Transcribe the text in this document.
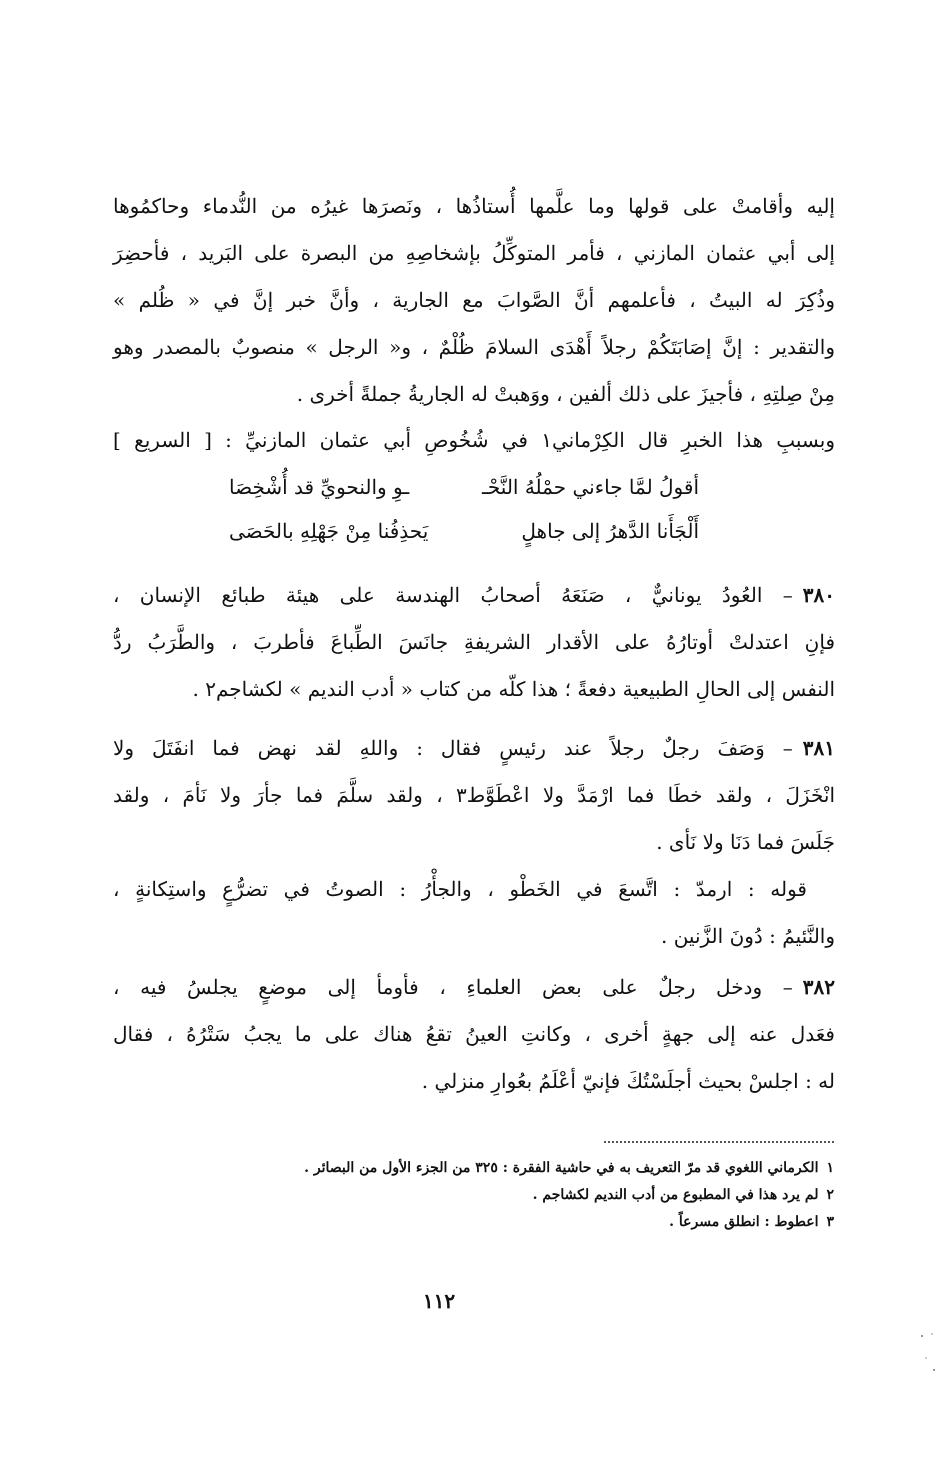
إليه وأقامتْ على قولها وما علَّمها أُستاذُها ، ونَصرَها غيرُه من النُّدماء وحاكمُوها
إلى أبي عثمان المازني ، فأمر المتوكِّلُ بإشخاصِهِ من البصرة على البَريد ، فأحضِرَ
وذُكِرَ له البيتُ ، فأعلمهم أنَّ الصَّوابَ مع الجارية ، وأنَّ خبر إنَّ في « ظُلم »
والتقدير : إنَّ إصَابَتَكُمْ رجلاً أَهْدَى السلامَ ظُلْمٌ ، و« الرجل » منصوبٌ بالمصدر وهو
مِنْ صِلتِهِ ، فأجيزَ على ذلك ألفين ، ووَهبتْ له الجاريةُ جملةً أخرى .
وبسببِ هذا الخبرِ قال الكِرْماني١ في شُخُوصِ أبي عثمان المازنيِّ : [ السريع ]
أقولُ لمَّا جاءني حمْلُهُ النَّحْـ
ـوِ والنحويِّ قد أُشْخِصَا
أَلْجَأَنا الدَّهرُ إلى جاهلٍ
يَحذِفُنا مِنْ جَهْلِهِ بالحَصَى
٣٨٠– العُودُ يونانيٌّ ، صَنَعَهُ أصحابُ الهندسة على هيئة طبائع الإنسان ،
فإنِ اعتدلتْ أوتارُهُ على الأقدار الشريفةِ جانَسَ الطِّباعَ فأطربَ ، والطَّرَبُ ردُّ
النفس إلى الحالِ الطبيعية دفعةً ؛ هذا كلّه من كتاب « أدب النديم » لكشاجم٢ .
٣٨١– وَصَفَ رجلٌ رجلاً عند رئيسٍ فقال : واللهِ لقد نهض فما انفَتَلَ ولا
انْخَزَلَ ، ولقد خطَا فما ارْمَدَّ ولا اعْطَوَّط٣ ، ولقد سلَّمَ فما جأرَ ولا نَأمَ ، ولقد
جَلَسَ فما دَنَا ولا نَأى .
قوله : ارمدّ : اتَّسعَ في الخَطْو ، والجأْرُ : الصوتُ في تضرُّعٍ واستِكانةٍ ،
والنَّئيمُ : دُونَ الزَّنين .
٣٨٢– ودخل رجلٌ على بعض العلماءِ ، فأومأ إلى موضعٍ يجلسُ فيه ،
فعَدل عنه إلى جهةٍ أخرى ، وكانتِ العينُ تقعُ هناك على ما يجبُ سَتْرُهُ ، فقال
له : اجلسْ بحيث أجلَسْتُكَ فإنيّ أعْلَمُ بعُوارِ منزلي .
١الكرماني اللغوي قد مرّ التعريف به في حاشية الفقرة : ٣٢٥ من الجزء الأول من البصائر .
٢لم يرد هذا في المطبوع من أدب النديم لكشاجم .
٣اعطوط : انطلق مسرعاً .
١١٢
